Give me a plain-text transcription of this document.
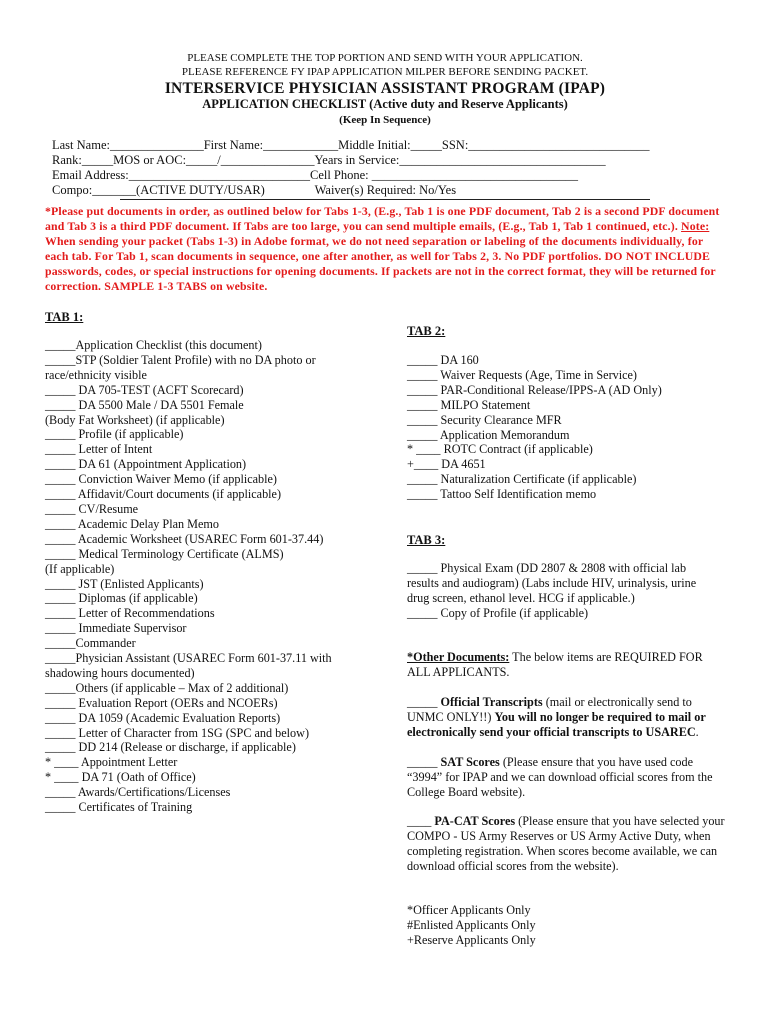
PLEASE COMPLETE THE TOP PORTION AND SEND WITH YOUR APPLICATION.
PLEASE REFERENCE FY IPAP APPLICATION MILPER BEFORE SENDING PACKET.
INTERSERVICE PHYSICIAN ASSISTANT PROGRAM (IPAP)
APPLICATION CHECKLIST (Active duty and Reserve Applicants)
(Keep In Sequence)
Last Name:_______________First Name:____________Middle Initial:_____SSN:_____________________________
Rank:_____MOS or AOC:_____/_______________Years in Service:_________________________________
Email Address:_____________________________Cell Phone: _________________________________
Compo:_______(ACTIVE DUTY/USAR)                Waiver(s) Required: No/Yes
*Please put documents in order, as outlined below for Tabs 1-3, (E.g., Tab 1 is one PDF document, Tab 2 is a second PDF document and Tab 3 is a third PDF document. If Tabs are too large, you can send multiple emails, (E.g., Tab 1, Tab 1 continued, etc.). Note: When sending your packet (Tabs 1-3) in Adobe format, we do not need separation or labeling of the documents individually, for each tab. For Tab 1, scan documents in sequence, one after another, as well for Tabs 2, 3. No PDF portfolios. DO NOT INCLUDE passwords, codes, or special instructions for opening documents. If packets are not in the correct format, they will be returned for correction. SAMPLE 1-3 TABS on website.
TAB 1:
_____Application Checklist (this document)
_____STP (Soldier Talent Profile) with no DA photo or
race/ethnicity visible
_____ DA 705-TEST (ACFT Scorecard)
_____ DA 5500 Male / DA 5501 Female
(Body Fat Worksheet) (if applicable)
_____ Profile (if applicable)
_____ Letter of Intent
_____ DA 61 (Appointment Application)
_____ Conviction Waiver Memo (if applicable)
_____ Affidavit/Court documents (if applicable)
_____ CV/Resume
_____ Academic Delay Plan Memo
_____ Academic Worksheet (USAREC Form 601-37.44)
_____ Medical Terminology Certificate (ALMS)
(If applicable)
_____ JST (Enlisted Applicants)
_____ Diplomas (if applicable)
_____ Letter of Recommendations
_____ Immediate Supervisor
_____Commander
_____Physician Assistant (USAREC Form 601-37.11 with
shadowing hours documented)
_____Others (if applicable – Max of 2 additional)
_____ Evaluation Report (OERs and NCOERs)
_____ DA 1059 (Academic Evaluation Reports)
_____ Letter of Character from 1SG (SPC and below)
_____ DD 214 (Release or discharge, if applicable)
* ____ Appointment Letter
* ____ DA 71 (Oath of Office)
_____ Awards/Certifications/Licenses
_____ Certificates of Training
TAB 2:
_____ DA 160
_____ Waiver Requests (Age, Time in Service)
_____ PAR-Conditional Release/IPPS-A (AD Only)
_____ MILPO Statement
_____ Security Clearance MFR
_____ Application Memorandum
* ____ ROTC Contract (if applicable)
+____ DA 4651
_____ Naturalization Certificate (if applicable)
_____ Tattoo Self Identification memo
TAB 3:
_____ Physical Exam (DD 2807 & 2808 with official lab
results and audiogram) (Labs include HIV, urinalysis, urine
drug screen, ethanol level. HCG if applicable.)
_____ Copy of Profile (if applicable)
*Other Documents: The below items are REQUIRED FOR ALL APPLICANTS.
_____ Official Transcripts (mail or electronically send to UNMC ONLY!!) You will no longer be required to mail or electronically send your official transcripts to USAREC.
_____ SAT Scores (Please ensure that you have used code “3994” for IPAP and we can download official scores from the College Board website).
____ PA-CAT Scores (Please ensure that you have selected your COMPO - US Army Reserves or US Army Active Duty, when completing registration. When scores become available, we can download official scores from the website).
*Officer Applicants Only
#Enlisted Applicants Only
+Reserve Applicants Only
